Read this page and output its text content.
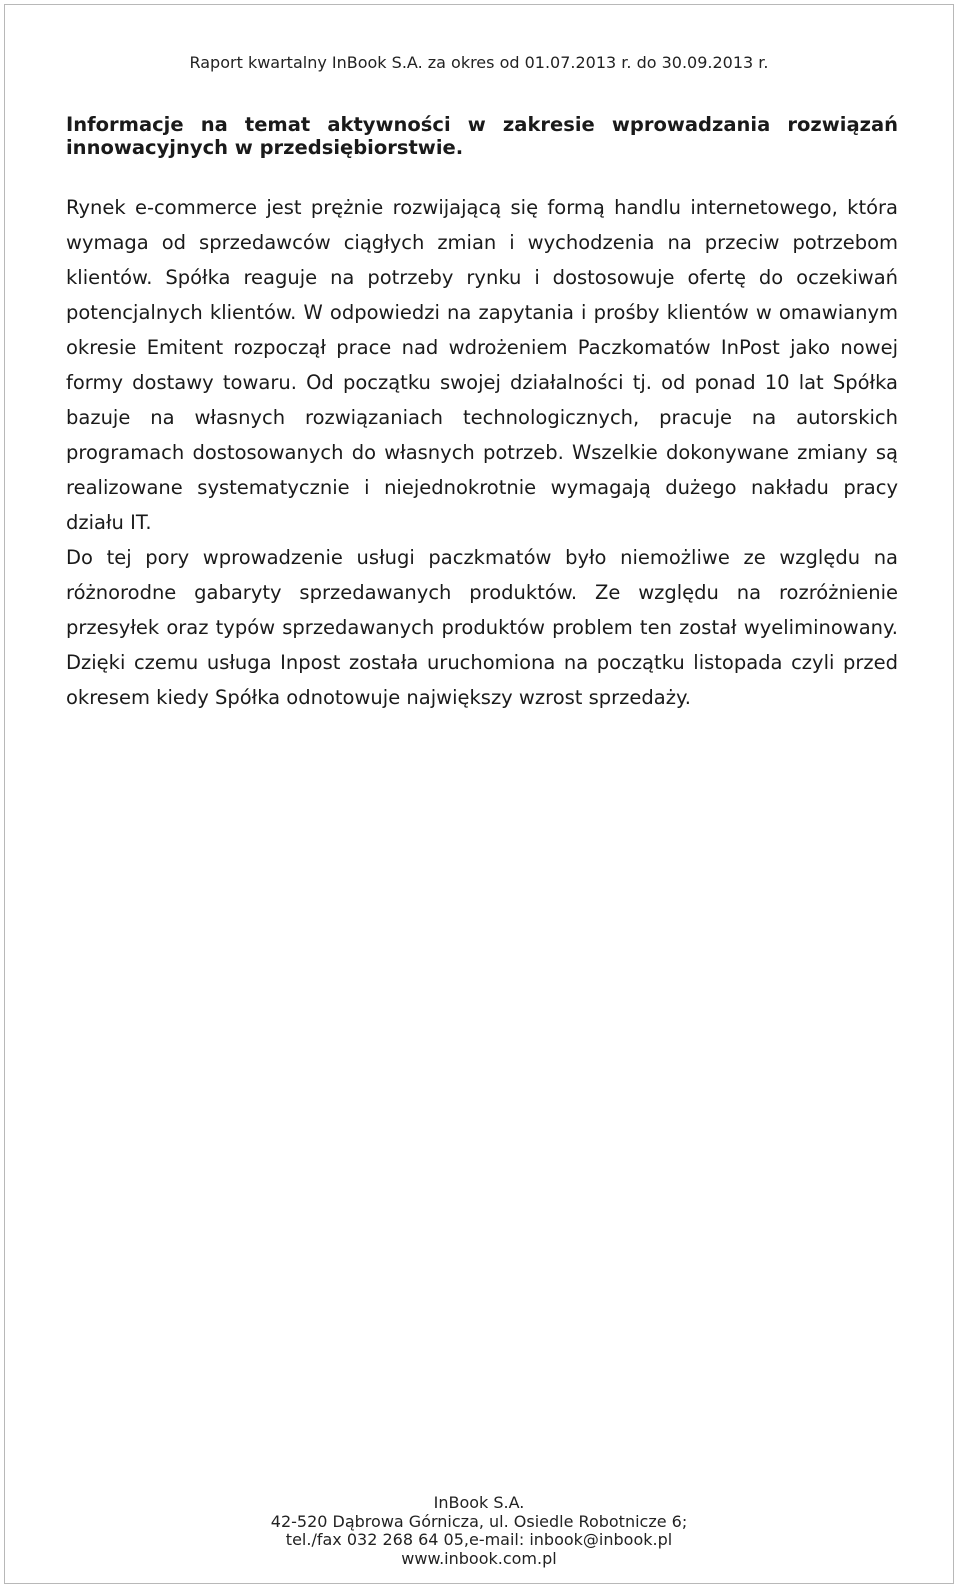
Raport kwartalny InBook S.A. za okres od 01.07.2013 r. do 30.09.2013 r.
Informacje na temat aktywności w zakresie wprowadzania rozwiązań innowacyjnych w przedsiębiorstwie.

Rynek e-commerce jest prężnie rozwijającą się formą handlu internetowego, która wymaga od sprzedawców ciągłych zmian i wychodzenia na przeciw potrzebom klientów. Spółka reaguje na potrzeby rynku i dostosowuje ofertę do oczekiwań potencjalnych klientów. W odpowiedzi na zapytania i prośby klientów w omawianym okresie Emitent rozpoczął prace nad wdrożeniem Paczkomatów InPost jako nowej formy dostawy towaru. Od początku swojej działalności tj. od ponad 10 lat Spółka bazuje na własnych rozwiązaniach technologicznych, pracuje na autorskich programach dostosowanych do własnych potrzeb. Wszelkie dokonywane zmiany są realizowane systematycznie i niejednokrotnie wymagają dużego nakładu pracy działu IT.

Do tej pory wprowadzenie usługi paczkmatów było niemożliwe ze względu na różnorodne gabaryty sprzedawanych produktów. Ze względu na rozróżnienie przesyłek oraz typów sprzedawanych produktów problem ten został wyeliminowany. Dzięki czemu usługa Inpost została uruchomiona na początku listopada czyli przed okresem kiedy Spółka odnotowuje największy wzrost sprzedaży.

InBook S.A.
42-520 Dąbrowa Górnicza, ul. Osiedle Robotnicze 6;
tel./fax 032 268 64 05,e-mail: inbook@inbook.pl
www.inbook.com.pl
